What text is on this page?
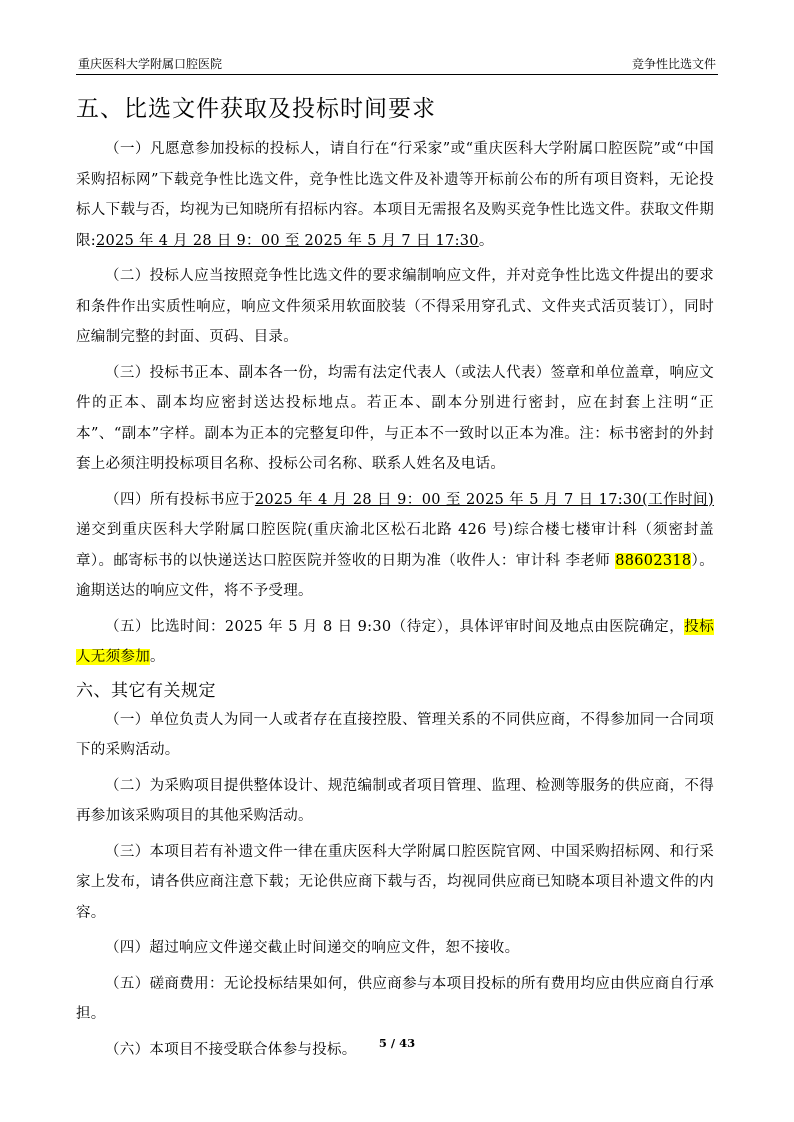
重庆医科大学附属口腔医院	竞争性比选文件
五、比选文件获取及投标时间要求

（一）凡愿意参加投标的投标人，请自行在“行采家”或“重庆医科大学附属口腔医院”或“中国采购招标网”下载竞争性比选文件，竞争性比选文件及补遗等开标前公布的所有项目资料，无论投标人下载与否，均视为已知晓所有招标内容。本项目无需报名及购买竞争性比选文件。获取文件期限:2025 年 4 月 28 日 9：00 至 2025 年 5 月 7 日 17:30。

（二）投标人应当按照竞争性比选文件的要求编制响应文件，并对竞争性比选文件提出的要求和条件作出实质性响应，响应文件须采用软面胶装（不得采用穿孔式、文件夹式活页装订），同时应编制完整的封面、页码、目录。

（三）投标书正本、副本各一份，均需有法定代表人（或法人代表）签章和单位盖章，响应文件的正本、副本均应密封送达投标地点。若正本、副本分别进行密封，应在封套上注明“正本”、“副本”字样。副本为正本的完整复印件，与正本不一致时以正本为准。注：标书密封的外封套上必须注明投标项目名称、投标公司名称、联系人姓名及电话。

（四）所有投标书应于2025 年 4 月 28 日 9：00 至 2025 年 5 月 7 日 17:30(工作时间)递交到重庆医科大学附属口腔医院(重庆渝北区松石北路 426 号)综合楼七楼审计科（须密封盖章）。邮寄标书的以快递送达口腔医院并签收的日期为准（收件人：审计科 李老师 88602318）。逾期送达的响应文件，将不予受理。

（五）比选时间：2025 年 5 月 8 日 9:30（待定），具体评审时间及地点由医院确定，投标人无须参加。

六、其它有关规定

（一）单位负责人为同一人或者存在直接控股、管理关系的不同供应商，不得参加同一合同项下的采购活动。

（二）为采购项目提供整体设计、规范编制或者项目管理、监理、检测等服务的供应商，不得再参加该采购项目的其他采购活动。

（三）本项目若有补遗文件一律在重庆医科大学附属口腔医院官网、中国采购招标网、和行采家上发布，请各供应商注意下载；无论供应商下载与否，均视同供应商已知晓本项目补遗文件的内容。

（四）超过响应文件递交截止时间递交的响应文件，恕不接收。

（五）磋商费用：无论投标结果如何，供应商参与本项目投标的所有费用均应由供应商自行承担。

（六）本项目不接受联合体参与投标。	5 / 43
